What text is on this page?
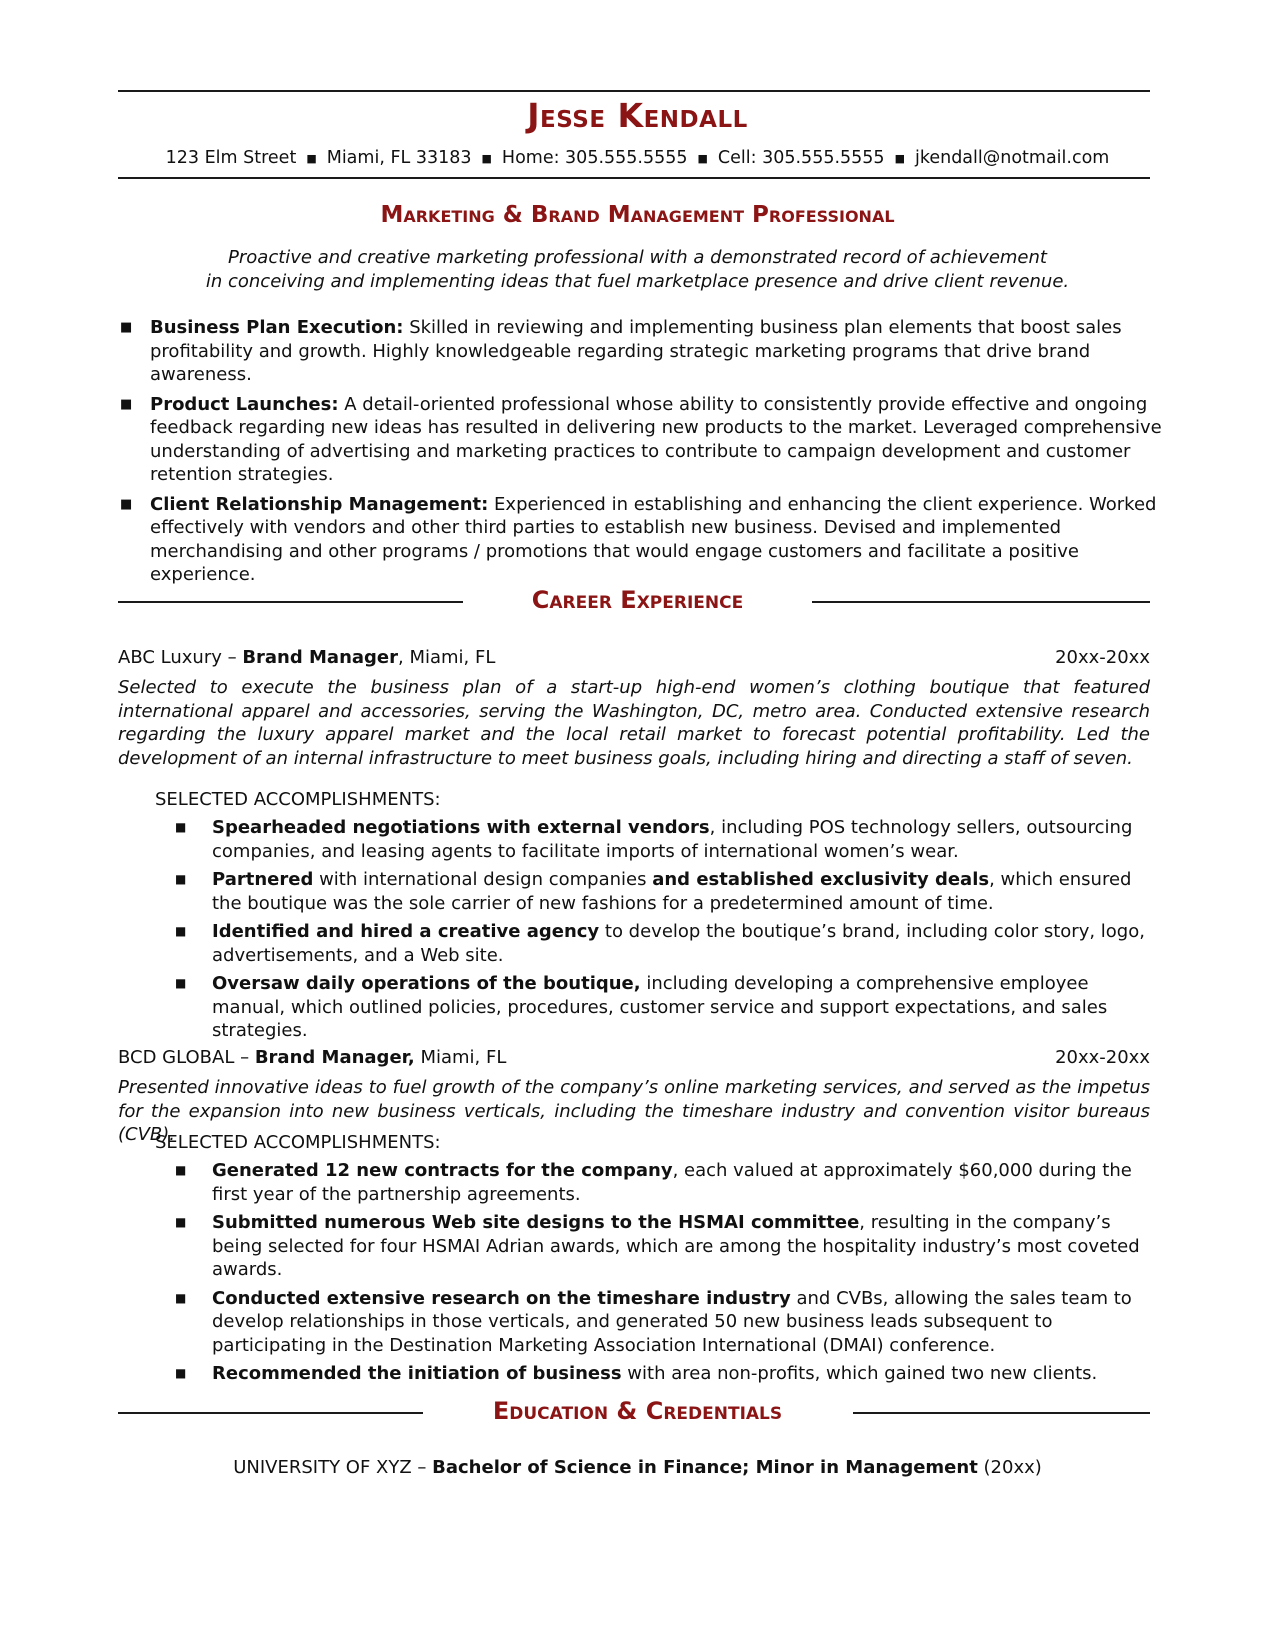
Jesse Kendall
123 Elm Street ■ Miami, FL 33183 ■ Home: 305.555.5555 ■ Cell: 305.555.5555 ■ jkendall@notmail.com
Marketing & Brand Management Professional
Proactive and creative marketing professional with a demonstrated record of achievement
in conceiving and implementing ideas that fuel marketplace presence and drive client revenue.
■ Business Plan Execution: Skilled in reviewing and implementing business plan elements that boost sales profitability and growth. Highly knowledgeable regarding strategic marketing programs that drive brand awareness.
■ Product Launches: A detail-oriented professional whose ability to consistently provide effective and ongoing feedback regarding new ideas has resulted in delivering new products to the market. Leveraged comprehensive understanding of advertising and marketing practices to contribute to campaign development and customer retention strategies.
■ Client Relationship Management: Experienced in establishing and enhancing the client experience. Worked effectively with vendors and other third parties to establish new business. Devised and implemented merchandising and other programs / promotions that would engage customers and facilitate a positive experience.
Career Experience
ABC Luxury – Brand Manager, Miami, FL	20xx-20xx
Selected to execute the business plan of a start-up high-end women’s clothing boutique that featured international apparel and accessories, serving the Washington, DC, metro area. Conducted extensive research regarding the luxury apparel market and the local retail market to forecast potential profitability. Led the development of an internal infrastructure to meet business goals, including hiring and directing a staff of seven.
SELECTED ACCOMPLISHMENTS:
■ Spearheaded negotiations with external vendors, including POS technology sellers, outsourcing companies, and leasing agents to facilitate imports of international women’s wear.
■ Partnered with international design companies and established exclusivity deals, which ensured the boutique was the sole carrier of new fashions for a predetermined amount of time.
■ Identified and hired a creative agency to develop the boutique’s brand, including color story, logo, advertisements, and a Web site.
■ Oversaw daily operations of the boutique, including developing a comprehensive employee manual, which outlined policies, procedures, customer service and support expectations, and sales strategies.
BCD GLOBAL – Brand Manager, Miami, FL	20xx-20xx
Presented innovative ideas to fuel growth of the company’s online marketing services, and served as the impetus for the expansion into new business verticals, including the timeshare industry and convention visitor bureaus (CVB).
SELECTED ACCOMPLISHMENTS:
■ Generated 12 new contracts for the company, each valued at approximately $60,000 during the first year of the partnership agreements.
■ Submitted numerous Web site designs to the HSMAI committee, resulting in the company’s being selected for four HSMAI Adrian awards, which are among the hospitality industry’s most coveted awards.
■ Conducted extensive research on the timeshare industry and CVBs, allowing the sales team to develop relationships in those verticals, and generated 50 new business leads subsequent to participating in the Destination Marketing Association International (DMAI) conference.
■ Recommended the initiation of business with area non-profits, which gained two new clients.
Education & Credentials
UNIVERSITY OF XYZ – Bachelor of Science in Finance; Minor in Management (20xx)
